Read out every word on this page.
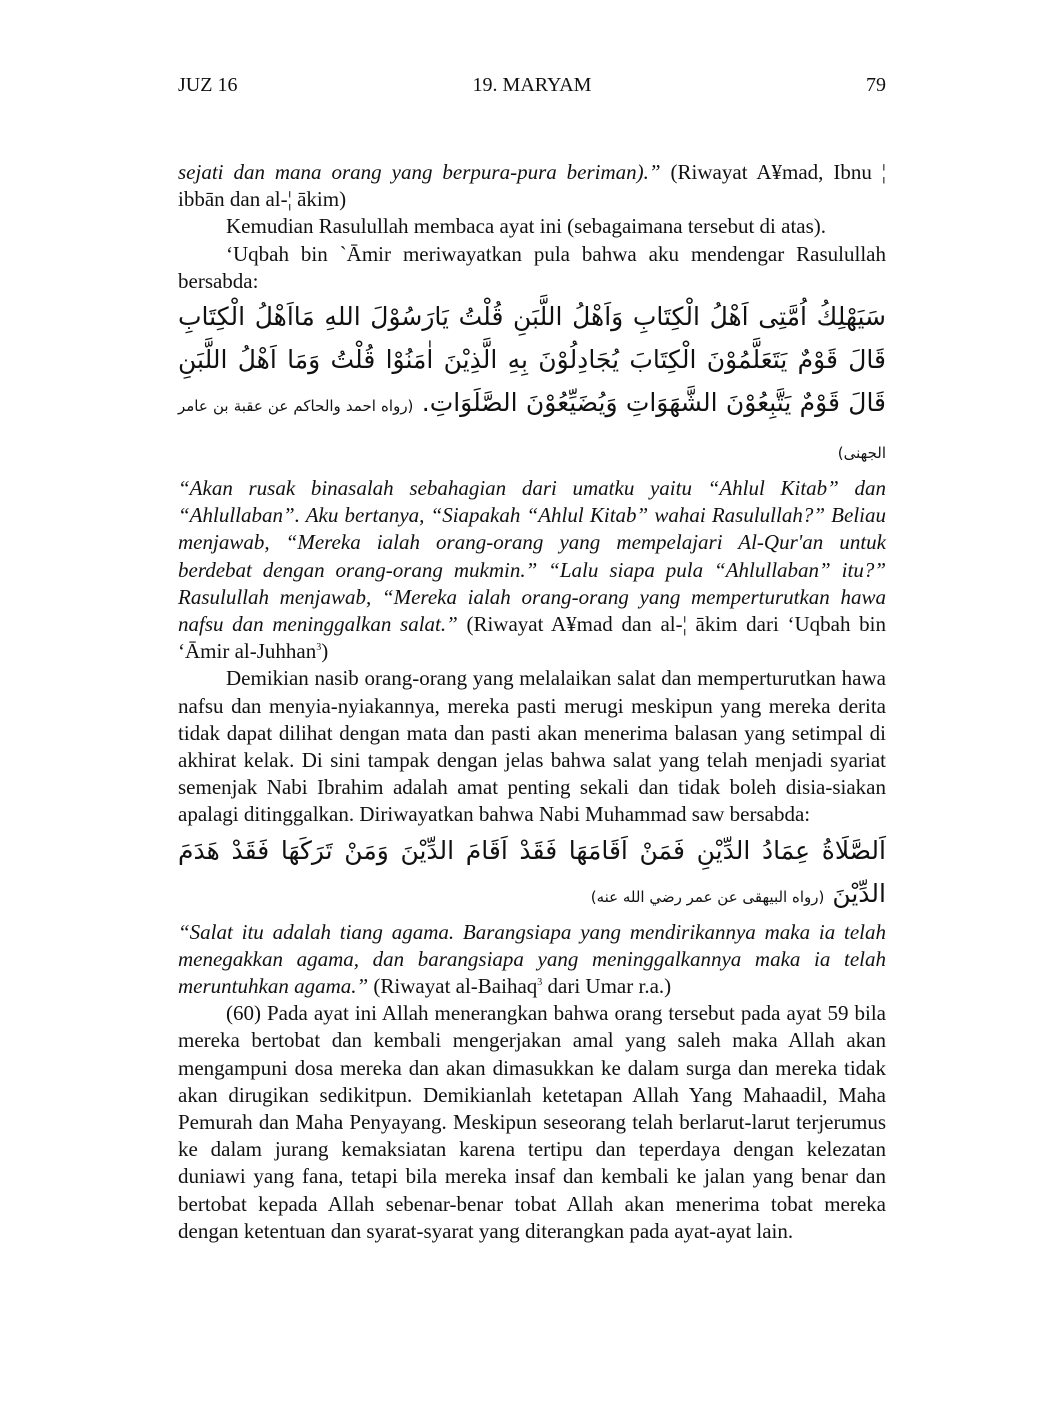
JUZ 16	19. MARYAM	79

sejati dan mana orang yang berpura-pura beriman).” (Riwayat A¥mad, Ibnu ¦ ibbān dan al-¦ ākim)

Kemudian Rasulullah membaca ayat ini (sebagaimana tersebut di atas).

‘Uqbah bin `Āmir meriwayatkan pula bahwa aku mendengar Rasulullah bersabda:

سَيَهْلِكُ اُمَّتِى اَهْلُ الْكِتَابِ وَاَهْلُ اللَّبَنِ قُلْتُ يَارَسُوْلَ اللهِ مَااَهْلُ الْكِتَابِ قَالَ قَوْمٌ يَتَعَلَّمُوْنَ الْكِتَابَ يُجَادِلُوْنَ بِهِ الَّذِيْنَ اٰمَنُوْا قُلْتُ وَمَا اَهْلُ اللَّبَنِ قَالَ قَوْمٌ يَتَّبِعُوْنَ الشَّهَوَاتِ وَيُضَيِّعُوْنَ الصَّلَوَاتِ. (رواه احمد والحاكم عن عقبة بن عامر الجهنى)

“Akan rusak binasalah sebahagian dari umatku yaitu “Ahlul Kitab” dan “Ahlullaban”. Aku bertanya, “Siapakah “Ahlul Kitab” wahai Rasulullah?” Beliau menjawab, “Mereka ialah orang-orang yang mempelajari Al-Qur'an untuk berdebat dengan orang-orang mukmin.” “Lalu siapa pula “Ahlullaban” itu?” Rasulullah menjawab, “Mereka ialah orang-orang yang memperturutkan hawa nafsu dan meninggalkan salat.” (Riwayat A¥mad dan al-¦ ākim dari ‘Uqbah bin ‘Āmir al-Juhhan$^3$)

Demikian nasib orang-orang yang melalaikan salat dan memperturutkan hawa nafsu dan menyia-nyiakannya, mereka pasti merugi meskipun yang mereka derita tidak dapat dilihat dengan mata dan pasti akan menerima balasan yang setimpal di akhirat kelak. Di sini tampak dengan jelas bahwa salat yang telah menjadi syariat semenjak Nabi Ibrahim adalah amat penting sekali dan tidak boleh disia-siakan apalagi ditinggalkan. Diriwayatkan bahwa Nabi Muhammad saw bersabda:

اَلصَّلَاةُ عِمَادُ الدِّيْنِ فَمَنْ اَقَامَهَا فَقَدْ اَقَامَ الدِّيْنَ وَمَنْ تَرَكَهَا فَقَدْ هَدَمَ الدِّيْنَ (رواه البيهقى عن عمر رضي الله عنه)

“Salat itu adalah tiang agama. Barangsiapa yang mendirikannya maka ia telah menegakkan agama, dan barangsiapa yang meninggalkannya maka ia telah meruntuhkan agama.” (Riwayat al-Baihaq$^3$ dari Umar r.a.)

(60) Pada ayat ini Allah menerangkan bahwa orang tersebut pada ayat 59 bila mereka bertobat dan kembali mengerjakan amal yang saleh maka Allah akan mengampuni dosa mereka dan akan dimasukkan ke dalam surga dan mereka tidak akan dirugikan sedikitpun. Demikianlah ketetapan Allah Yang Mahaadil, Maha Pemurah dan Maha Penyayang. Meskipun seseorang telah berlarut-larut terjerumus ke dalam jurang kemaksiatan karena tertipu dan teperdaya dengan kelezatan duniawi yang fana, tetapi bila mereka insaf dan kembali ke jalan yang benar dan bertobat kepada Allah sebenar-benar tobat Allah akan menerima tobat mereka dengan ketentuan dan syarat-syarat yang diterangkan pada ayat-ayat lain.
